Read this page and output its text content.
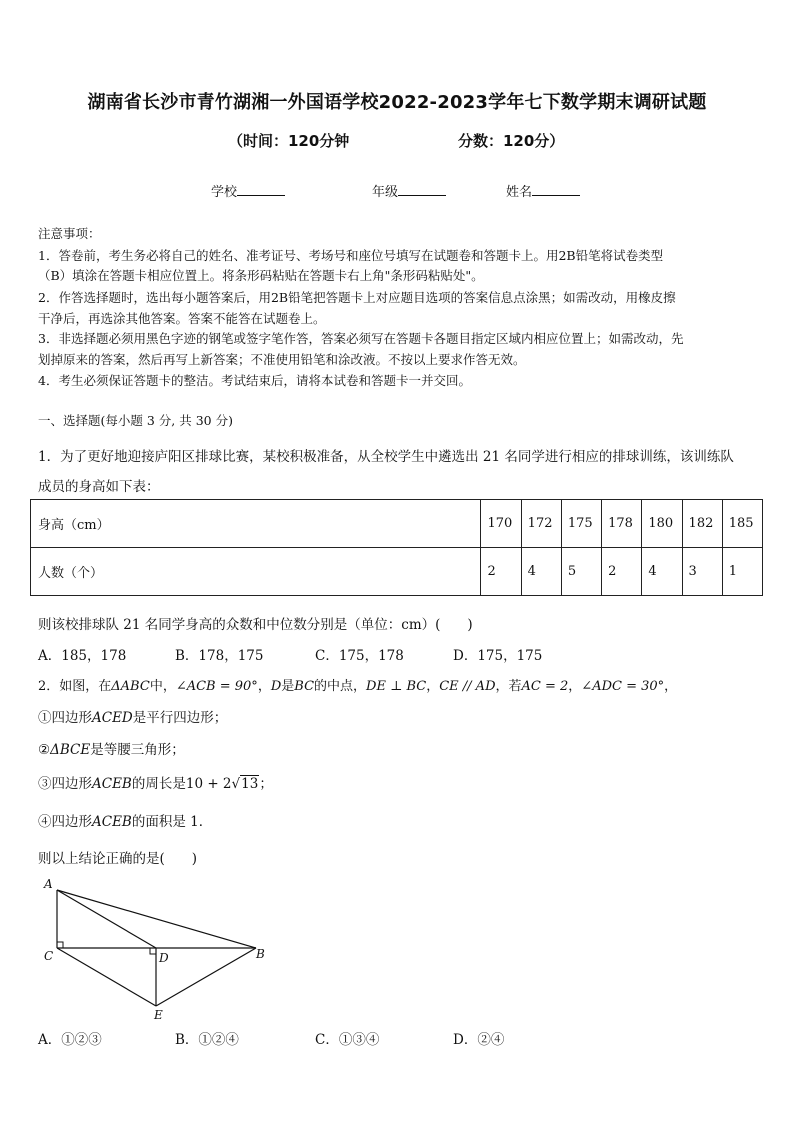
湖南省长沙市青竹湖湘一外国语学校2022-2023学年七下数学期末调研试题
（时间：120分钟	分数：120分）
学校	年级	姓名
注意事项：
1．答卷前，考生务必将自己的姓名、准考证号、考场号和座位号填写在试题卷和答题卡上。用2B铅笔将试卷类型
（B）填涂在答题卡相应位置上。将条形码粘贴在答题卡右上角"条形码粘贴处"。
2．作答选择题时，选出每小题答案后，用2B铅笔把答题卡上对应题目选项的答案信息点涂黑；如需改动，用橡皮擦
干净后，再选涂其他答案。答案不能答在试题卷上。
3．非选择题必须用黑色字迹的钢笔或签字笔作答，答案必须写在答题卡各题目指定区域内相应位置上；如需改动，先
划掉原来的答案，然后再写上新答案；不准使用铅笔和涂改液。不按以上要求作答无效。
4．考生必须保证答题卡的整洁。考试结束后，请将本试卷和答题卡一并交回。
一、选择题(每小题 3 分, 共 30 分)
1．为了更好地迎接庐阳区排球比赛，某校积极准备，从全校学生中遴选出 21 名同学进行相应的排球训练，该训练队
成员的身高如下表：
身高（cm）	170	172	175	178	180	182	185
人数（个）	2	4	5	2	4	3	1
则该校排球队 21 名同学身高的众数和中位数分别是（单位：cm）(　　)
A．185，178	B．178，175	C．175，178	D．175，175
2．如图，在ΔABC中，∠ACB = 90°，D是BC的中点，DE ⊥ BC，CE // AD，若AC = 2，∠ADC = 30°，
①四边形ACED是平行四边形；
②ΔBCE是等腰三角形；
③四边形ACEB的周长是10 + 2√13；
④四边形ACEB的面积是 1．
则以上结论正确的是(　　)
A
C	D	B
E
A．①②③	B．①②④	C．①③④	D．②④
